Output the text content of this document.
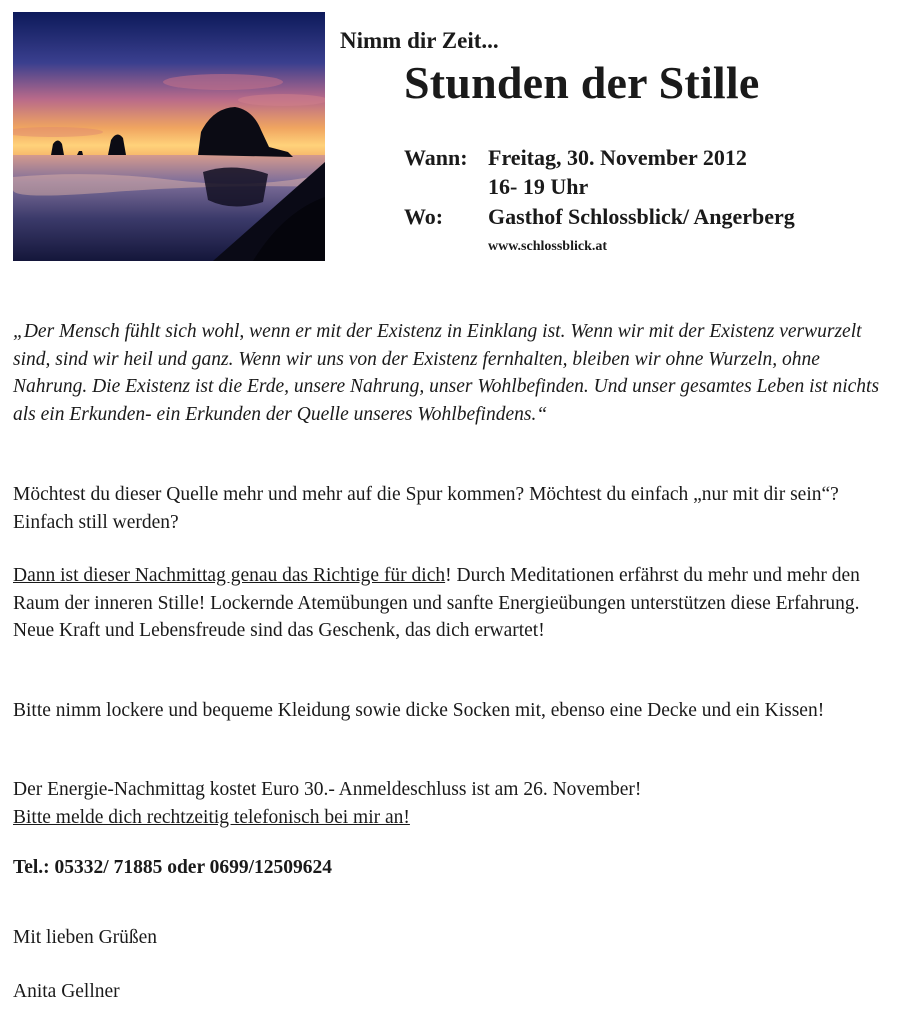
Nimm dir Zeit...
Stunden der Stille
Wann: Freitag, 30. November 2012
16- 19 Uhr
Wo: Gasthof Schlossblick/ Angerberg
www.schlossblick.at

„Der Mensch fühlt sich wohl, wenn er mit der Existenz in Einklang ist. Wenn wir mit der Existenz verwurzelt sind, sind wir heil und ganz. Wenn wir uns von der Existenz fernhalten, bleiben wir ohne Wurzeln, ohne Nahrung. Die Existenz ist die Erde, unsere Nahrung, unser Wohlbefinden. Und unser gesamtes Leben ist nichts als ein Erkunden- ein Erkunden der Quelle unseres Wohlbefindens.“

Möchtest du dieser Quelle mehr und mehr auf die Spur kommen? Möchtest du einfach „nur mit dir sein“? Einfach still werden?

Dann ist dieser Nachmittag genau das Richtige für dich! Durch Meditationen erfährst du mehr und mehr den Raum der inneren Stille! Lockernde Atemübungen und sanfte Energieübungen unterstützen diese Erfahrung. Neue Kraft und Lebensfreude sind das Geschenk, das dich erwartet!

Bitte nimm lockere und bequeme Kleidung sowie dicke Socken mit, ebenso eine Decke und ein Kissen!

Der Energie-Nachmittag kostet Euro 30.- Anmeldeschluss ist am 26. November!
Bitte melde dich rechtzeitig telefonisch bei mir an!

Tel.: 05332/ 71885 oder 0699/12509624
Mit lieben Grüßen
Anita Gellner
